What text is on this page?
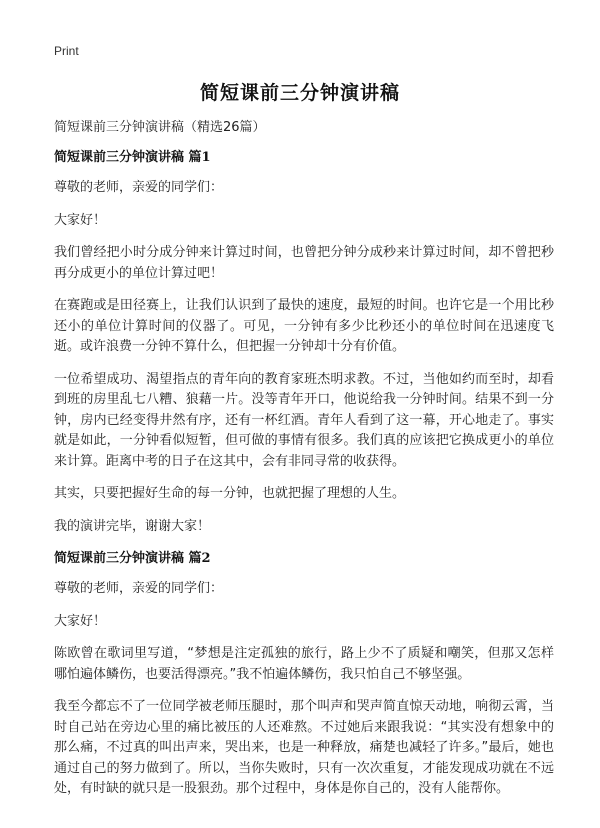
Print
简短课前三分钟演讲稿

简短课前三分钟演讲稿（精选26篇）

简短课前三分钟演讲稿 篇1

尊敬的老师，亲爱的同学们：

大家好！

我们曾经把小时分成分钟来计算过时间，也曾把分钟分成秒来计算过时间，却不曾把秒再分成更小的单位计算过吧！

在赛跑或是田径赛上，让我们认识到了最快的速度，最短的时间。也许它是一个用比秒还小的单位计算时间的仪器了。可见，一分钟有多少比秒还小的单位时间在迅速度飞逝。或许浪费一分钟不算什么，但把握一分钟却十分有价值。

一位希望成功、渴望指点的青年向的教育家班杰明求教。不过，当他如约而至时，却看到班的房里乱七八糟、狼藉一片。没等青年开口，他说给我一分钟时间。结果不到一分钟，房内已经变得井然有序，还有一杯红酒。青年人看到了这一幕，开心地走了。事实就是如此，一分钟看似短暂，但可做的事情有很多。我们真的应该把它换成更小的单位来计算。距离中考的日子在这其中，会有非同寻常的收获得。

其实，只要把握好生命的每一分钟，也就把握了理想的人生。

我的演讲完毕，谢谢大家！

简短课前三分钟演讲稿 篇2

尊敬的老师，亲爱的同学们：

大家好！

陈欧曾在歌词里写道，“梦想是注定孤独的旅行，路上少不了质疑和嘲笑，但那又怎样哪怕遍体鳞伤，也要活得漂亮。”我不怕遍体鳞伤，我只怕自己不够坚强。

我至今都忘不了一位同学被老师压腿时，那个叫声和哭声简直惊天动地，响彻云霄，当时自己站在旁边心里的痛比被压的人还难熬。不过她后来跟我说：“其实没有想象中的那么痛，不过真的叫出声来，哭出来，也是一种释放，痛楚也减轻了许多。”最后，她也通过自己的努力做到了。所以，当你失败时，只有一次次重复，才能发现成功就在不远处，有时缺的就只是一股狠劲。那个过程中，身体是你自己的，没有人能帮你。
